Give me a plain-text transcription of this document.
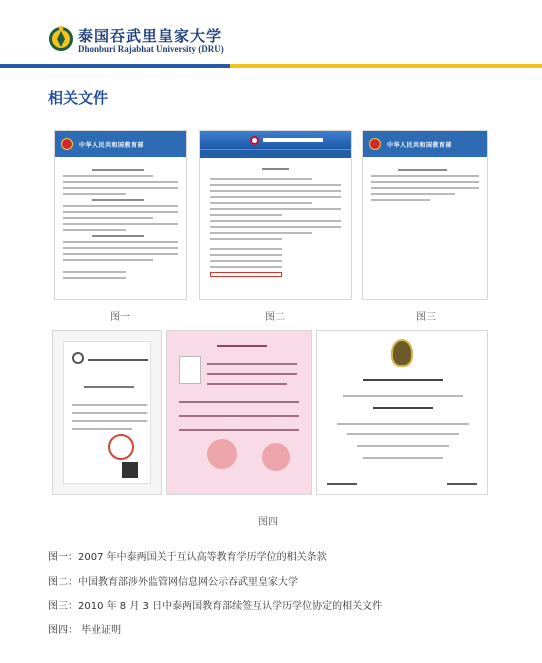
泰国吞武里皇家大学
Dhonburi Rajabhat University (DRU)
相关文件
中华人民共和国教育部
图一	图二
中华人民共和国教育部
图三
图四
图一：2007 年中泰两国关于互认高等教育学历学位的相关条款
图二：中国教育部涉外监管网信息网公示吞武里皇家大学
图三：2010 年 8 月 3 日中泰两国教育部续签互认学历学位协定的相关文件
图四： 毕业证明
